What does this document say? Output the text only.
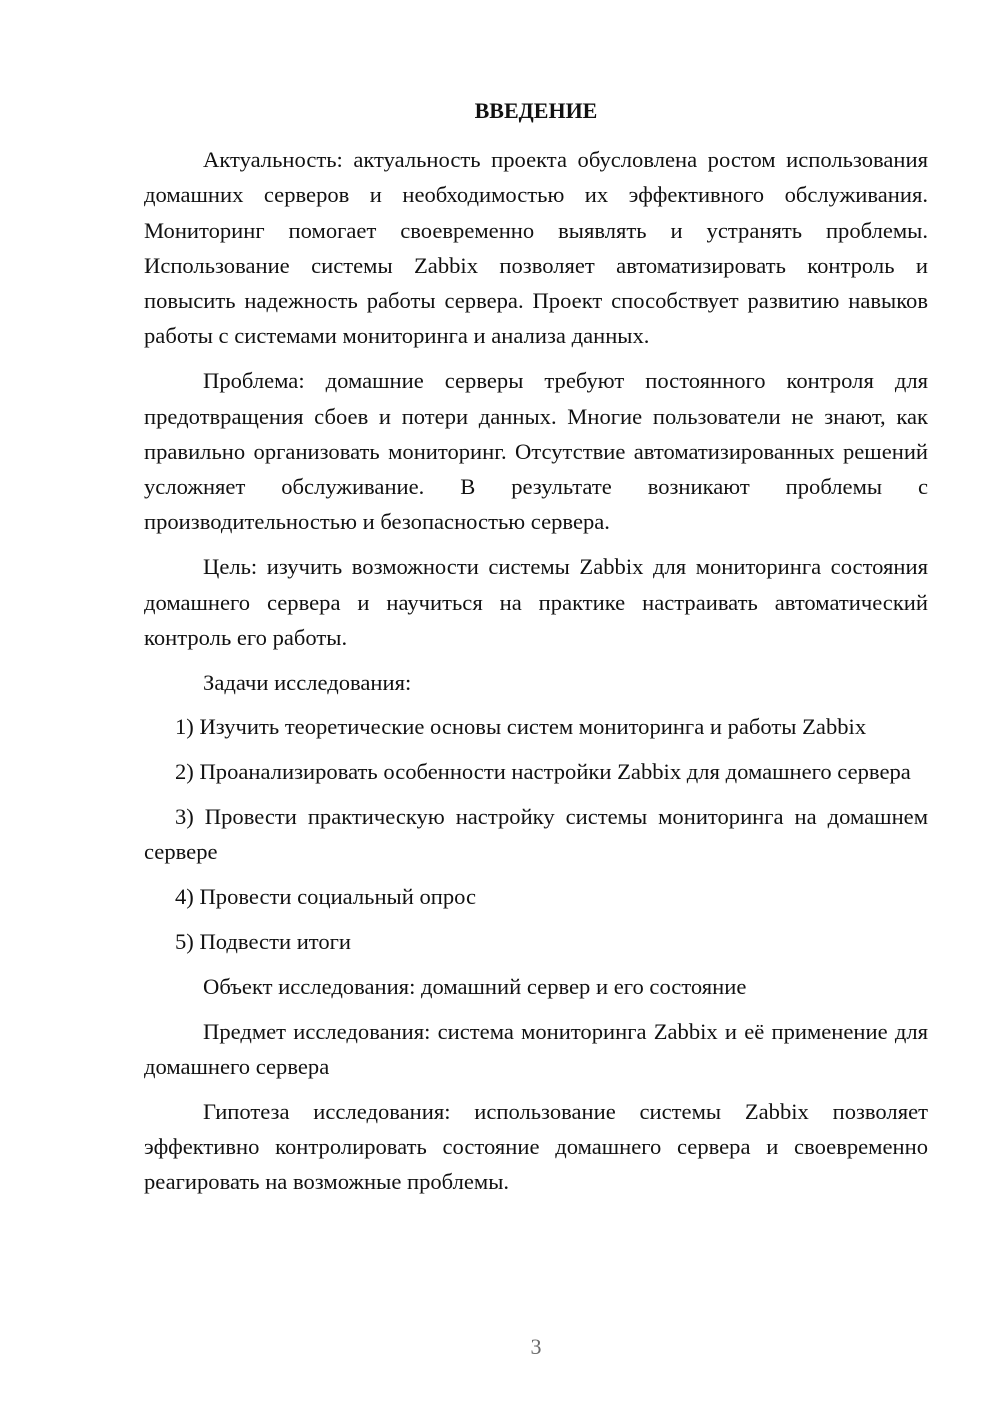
ВВЕДЕНИЕ

Актуальность: актуальность проекта обусловлена ростом использования домашних серверов и необходимостью их эффективного обслуживания. Мониторинг помогает своевременно выявлять и устранять проблемы. Использование системы Zabbix позволяет автоматизировать контроль и повысить надежность работы сервера. Проект способствует развитию навыков работы с системами мониторинга и анализа данных.

Проблема: домашние серверы требуют постоянного контроля для предотвращения сбоев и потери данных. Многие пользователи не знают, как правильно организовать мониторинг. Отсутствие автоматизированных решений усложняет обслуживание. В результате возникают проблемы с производительностью и безопасностью сервера.

Цель: изучить возможности системы Zabbix для мониторинга состояния домашнего сервера и научиться на практике настраивать автоматический контроль его работы.

Задачи исследования:

1) Изучить теоретические основы систем мониторинга и работы Zabbix

2) Проанализировать особенности настройки Zabbix для домашнего сервера

3) Провести практическую настройку системы мониторинга на домашнем сервере

4) Провести социальный опрос

5) Подвести итоги

Объект исследования: домашний сервер и его состояние

Предмет исследования: система мониторинга Zabbix и её применение для домашнего сервера

Гипотеза исследования: использование системы Zabbix позволяет эффективно контролировать состояние домашнего сервера и своевременно реагировать на возможные проблемы.

3
